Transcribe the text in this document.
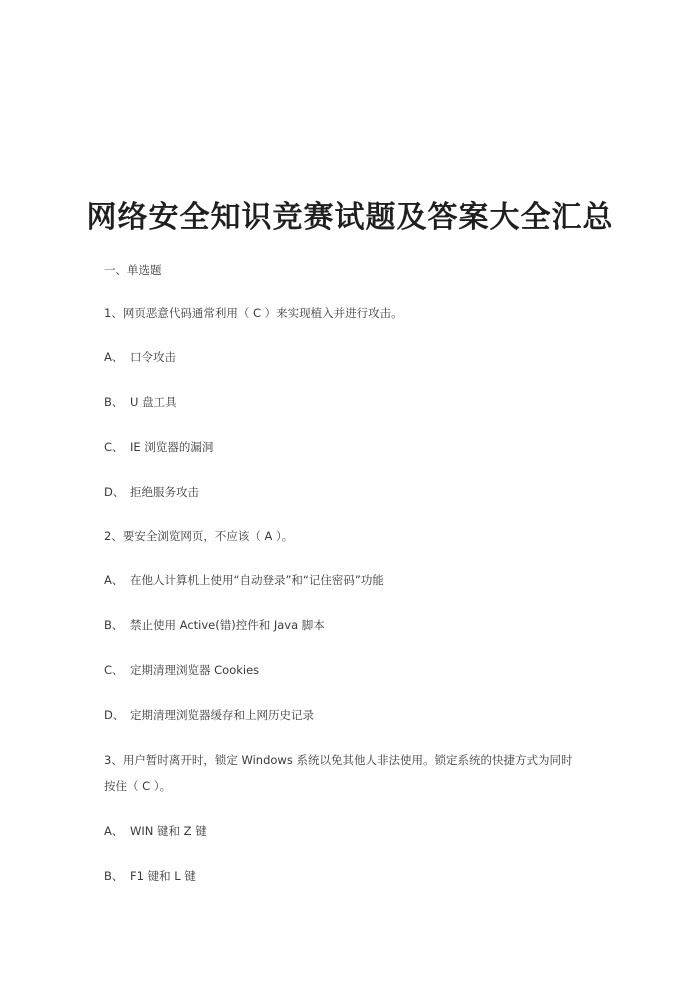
网络安全知识竞赛试题及答案大全汇总
一、单选题
1、网页恶意代码通常利用（ C ）来实现植入并进行攻击。
A、 口令攻击
B、 U 盘工具
C、 IE 浏览器的漏洞
D、 拒绝服务攻击
2、要安全浏览网页，不应该（ A ）。
A、 在他人计算机上使用“自动登录”和“记住密码”功能
B、 禁止使用 Active(错)控件和 Java 脚本
C、 定期清理浏览器 Cookies
D、 定期清理浏览器缓存和上网历史记录
3、用户暂时离开时，锁定 Windows 系统以免其他人非法使用。锁定系统的快捷方式为同时
按住（ C ）。
A、 WIN 键和 Z 键
B、 F1 键和 L 键
